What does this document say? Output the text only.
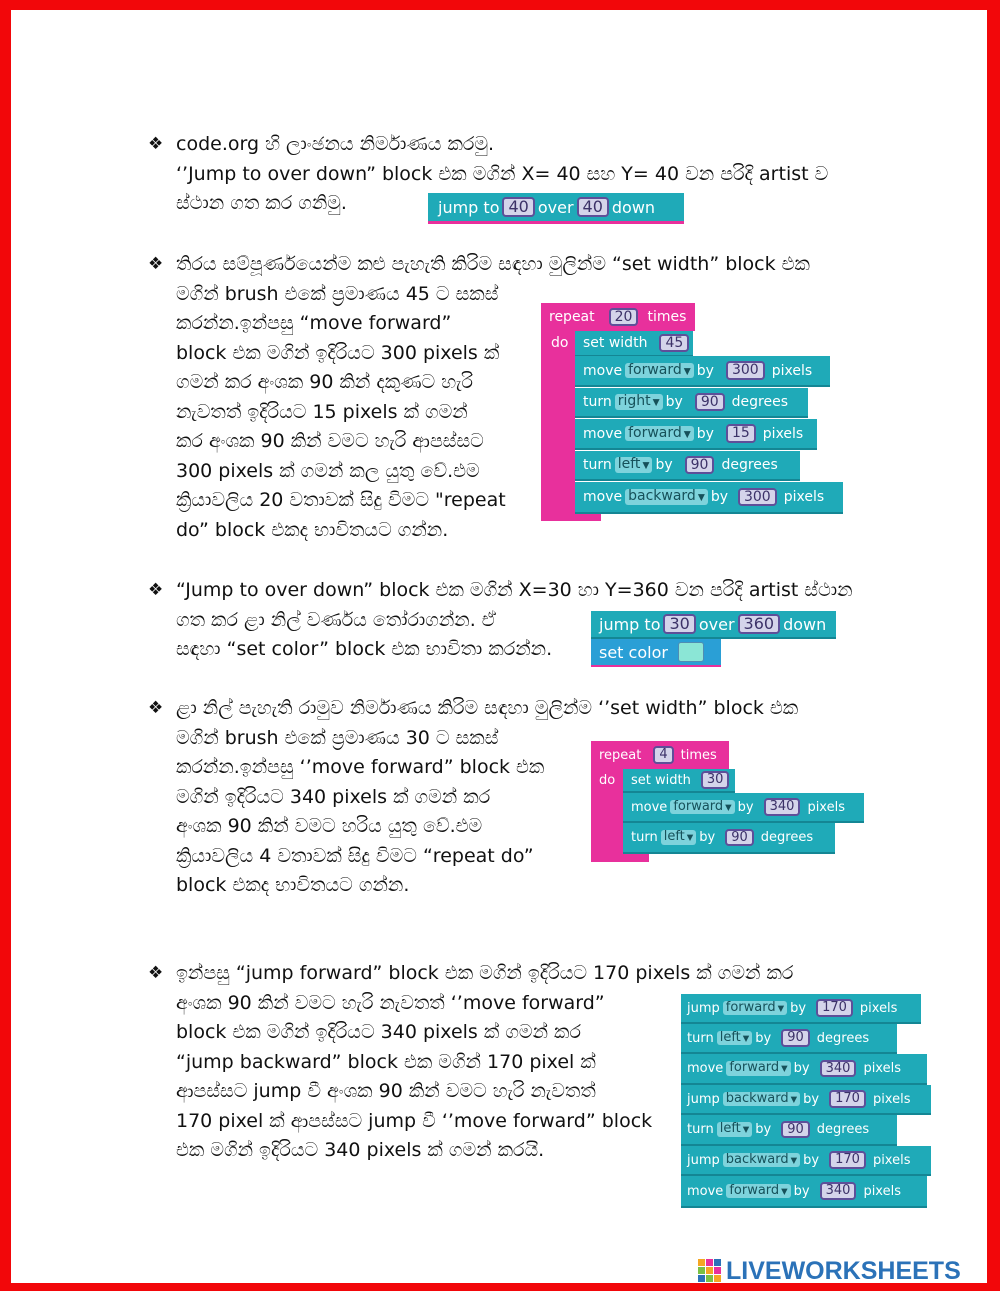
❖ code.org හි ලාංඡනය නිර්මාණය කරමු.
‘’Jump to over down” block එක මගින් X= 40 සහ Y= 40 වන පරිදි artist ව
ස්ථාන ගත කර ගනිමු.	jump to 40 over 40 down
❖ තිරය සම්පූර්ණයෙන්ම කළු පැහැති කිරිම සඳහා මුලින්ම “set width” block එක
මගින් brush එකේ ප්‍රමාණය 45 ට සකස්
කරන්න.ඉන්පසු “move forward”
block එක මගින් ඉදිරියට 300 pixels ක්
ගමන් කර අංශක 90 කින් දකුණට හැරි
නැවතත් ඉදිරියට 15 pixels ක් ගමන්
කර අංශක 90 කින් වමට හැරි ආපස්සට
300 pixels ක් ගමන් කල යුතු වේ.එම
ක්‍රියාවලිය 20 වතාවක් සිදු විමට "repeat
do” block එකද භාවිතයට ගන්න.
repeat	20	times
do set width	45
move forward ▼ by	300 pixels
turn right ▼ by	90 degrees
move forward ▼ by	15 pixels
turn left ▼ by	90 degrees
move backward ▼ by	300 pixels
❖ “Jump to over down” block එක මගින් X=30 හා Y=360 වන පරිදි artist ස්ථාන
ගත කර ළා නිල් වර්ණය තෝරාගන්න. ඒ
සඳහා “set color” block එක භාවිතා කරන්න.
jump to 30 over 360 down
set color
❖ ළා නිල් පැහැති රාමුව නිර්මාණය කිරිම සඳහා මුලින්ම ‘’set width” block එක
මගින් brush එකේ ප්‍රමාණය 30 ට සකස්
කරන්න.ඉන්පසු ‘’move forward” block එක
මගින් ඉදිරියට 340 pixels ක් ගමන් කර
අංශක 90 කින් වමට හරිය යුතු වේ.එම
ක්‍රියාවලිය 4 වතාවක් සිදු විමට “repeat do”
block එකද භාවිතයට ගන්න.
repeat	4	times
do set width	30
move forward ▼ by	340	pixels
turn left ▼ by	90	degrees
❖ ඉන්පසු “jump forward” block එක මගින් ඉදිරියට 170 pixels ක් ගමන් කර
අංශක 90 කින් වමට හැරි නැවතත් ‘’move forward”
block එක මගින් ඉදිරියට 340 pixels ක් ගමන් කර
“jump backward” block එක මගින් 170 pixel ක්
ආපස්සට jump වී අංශක 90 කින් වමට හැරි නැවතත්
170 pixel ක් ආපස්සට jump වී ‘’move forward” block
එක මගින් ඉදිරියට 340 pixels ක් ගමන් කරයි.
jump forward ▼ by	170	pixels
turn left ▼ by	90	degrees
move forward ▼ by	340	pixels
jump backward ▼ by	170	pixels
turn left ▼ by	90	degrees
jump backward ▼ by	170	pixels
move forward ▼ by	340	pixels
LIVEWORKSHEETS
